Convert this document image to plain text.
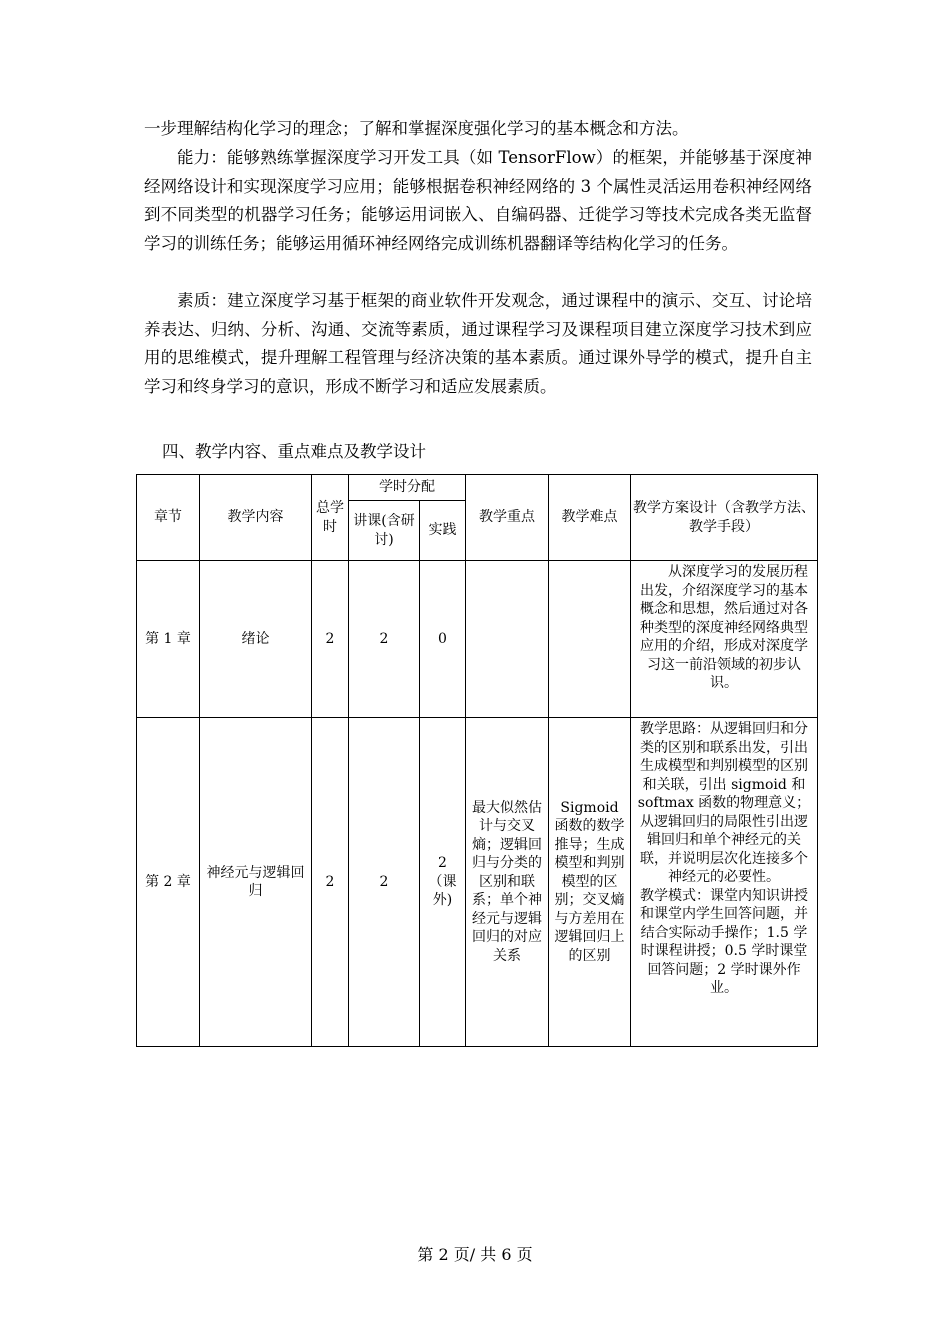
一步理解结构化学习的理念；了解和掌握深度强化学习的基本概念和方法。

能力：能够熟练掌握深度学习开发工具（如 TensorFlow）的框架，并能够基于深度神经网络设计和实现深度学习应用；能够根据卷积神经网络的 3 个属性灵活运用卷积神经网络到不同类型的机器学习任务；能够运用词嵌入、自编码器、迁徙学习等技术完成各类无监督学习的训练任务；能够运用循环神经网络完成训练机器翻译等结构化学习的任务。

素质：建立深度学习基于框架的商业软件开发观念，通过课程中的演示、交互、讨论培养表达、归纳、分析、沟通、交流等素质，通过课程学习及课程项目建立深度学习技术到应用的思维模式，提升理解工程管理与经济决策的基本素质。通过课外导学的模式，提升自主学习和终身学习的意识，形成不断学习和适应发展素质。

四、教学内容、重点难点及教学设计
章节	教学内容	总学时	学时分配		教学重点	教学难点	教学方案设计（含教学方法、教学手段）
			讲课(含研讨)	实践			
第 1 章	绪论	2	2	0			从深度学习的发展历程出发，介绍深度学习的基本概念和思想，然后通过对各种类型的深度神经网络典型应用的介绍，形成对深度学习这一前沿领域的初步认识。
第 2 章	神经元与逻辑回归	2	2	2（课外)	最大似然估计与交叉熵；逻辑回归与分类的区别和联系；单个神经元与逻辑回归的对应关系	Sigmoid 函数的数学推导；生成模型和判别模型的区别；交叉熵与方差用在逻辑回归上的区别	教学思路：从逻辑回归和分类的区别和联系出发，引出生成模型和判别模型的区别和关联，引出 sigmoid 和 softmax 函数的物理意义；从逻辑回归的局限性引出逻辑回归和单个神经元的关联，并说明层次化连接多个神经元的必要性。
教学模式：课堂内知识讲授和课堂内学生回答问题，并结合实际动手操作；1.5 学时课程讲授；0.5 学时课堂回答问题；2 学时课外作业。

第 2 页/ 共 6 页
